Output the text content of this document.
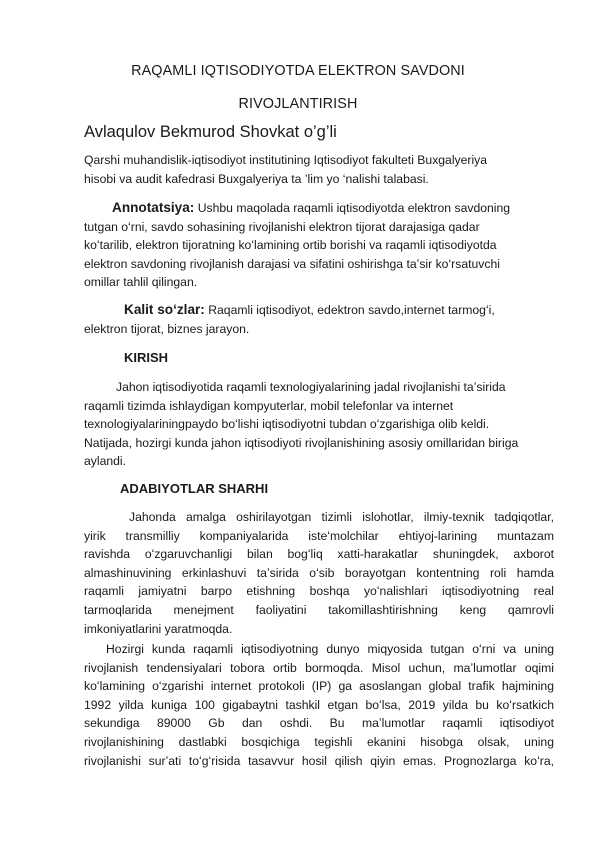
RAQAMLI IQTISODIYOTDA ELEKTRON SAVDONI

RIVOJLANTIRISH

Avlaqulov Bekmurod Shovkat o’g’li

Qarshi muhandislik-iqtisodiyot institutining Iqtisodiyot fakulteti Buxgalyeriya
hisobi va audit kafedrasi Buxgalyeriya ta ’lim yo ‘nalishi talabasi.
Annotatsiya: Ushbu maqolada raqamli iqtisodiyotda elektron savdoning
tutgan oʻrni, savdo sohasining rivojlanishi elektron tijorat darajasiga qadar
koʻtarilib, elektron tijoratning koʻlamining ortib borishi va raqamli iqtisodiyotda
elektron savdoning rivojlanish darajasi va sifatini oshirishga taʼsir koʻrsatuvchi
omillar tahlil qilingan.
Kalit soʻzlar: Raqamli iqtisodiyot, edektron savdo,internet tarmogʻi,
elektron tijorat, biznes jarayon.

KIRISH

Jahon iqtisodiyotida raqamli texnologiyalarining jadal rivojlanishi taʼsirida
raqamli tizimda ishlaydigan kompyuterlar, mobil telefonlar va internet
texnologiyalariningpaydo boʻlishi iqtisodiyotni tubdan oʻzgarishiga olib keldi.
Natijada, hozirgi kunda jahon iqtisodiyoti rivojlanishining asosiy omillaridan biriga
aylandi.

ADABIYOTLAR SHARHI

Jahonda amalga oshirilayotgan tizimli islohotlar, ilmiy-texnik tadqiqotlar,
yirik transmilliy kompaniyalarida isteʻmolchilar ehtiyoj-larining muntazam
ravishda oʻzgaruvchanligi bilan bogʻliq xatti-harakatlar shuningdek, axborot
almashinuvining erkinlashuvi taʼsirida oʻsib borayotgan kontentning roli hamda
raqamli jamiyatni barpo etishning boshqa yoʻnalishlari iqtisodiyotning real
tarmoqlarida menejment faoliyatini takomillashtirishning keng qamrovli
imkoniyatlarini yaratmoqda.
Hozirgi kunda raqamli iqtisodiyotning dunyo miqyosida tutgan oʻrni va uning
rivojlanish tendensiyalari tobora ortib bormoqda. Misol uchun, maʼlumotlar oqimi
koʻlamining oʻzgarishi internet protokoli (IP) ga asoslangan global trafik hajmining
1992 yilda kuniga 100 gigabaytni tashkil etgan boʻlsa, 2019 yilda bu koʻrsatkich
sekundiga 89000 Gb dan oshdi. Bu maʼlumotlar raqamli iqtisodiyot
rivojlanishining dastlabki bosqichiga tegishli ekanini hisobga olsak, uning
rivojlanishi surʼati toʻgʻrisida tasavvur hosil qilish qiyin emas. Prognozlarga koʻra,
